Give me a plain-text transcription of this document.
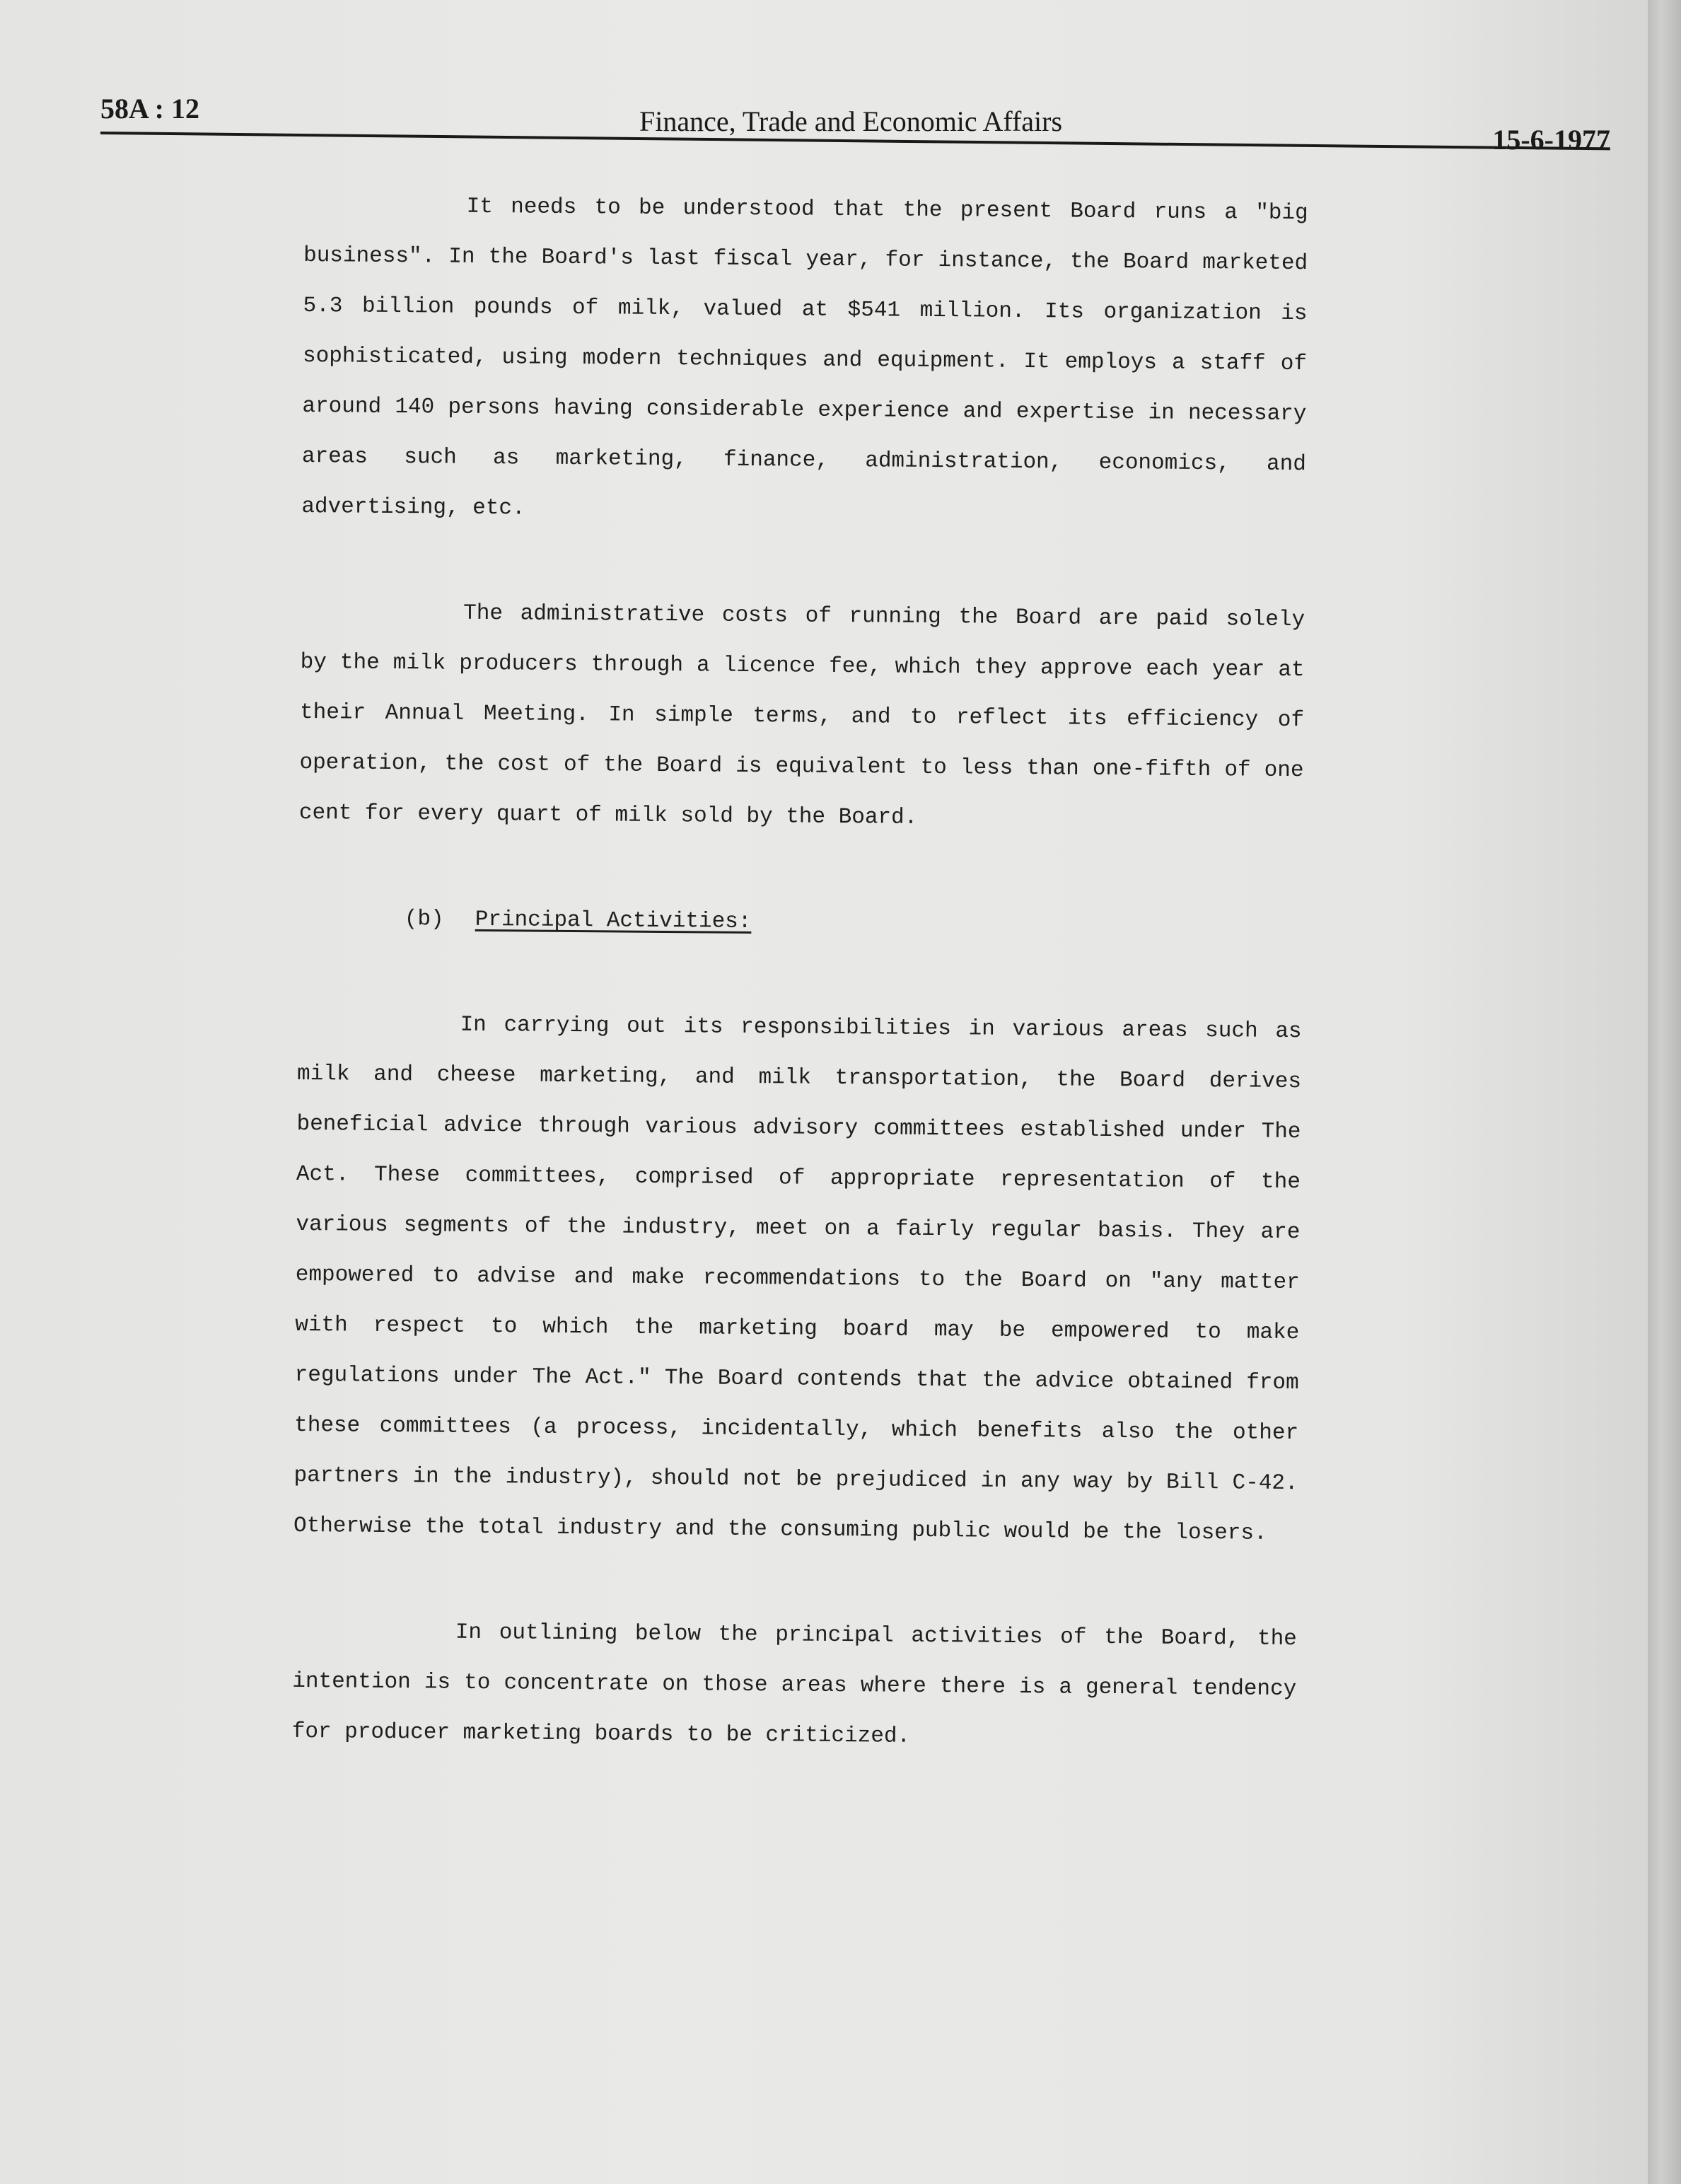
58A : 12	Finance, Trade and Economic Affairs
15-6-1977

It needs to be understood that the present Board runs a "big business". In the Board's last fiscal year, for instance, the Board marketed 5.3 billion pounds of milk, valued at $541 million. Its organization is sophisticated, using modern techniques and equipment. It employs a staff of around 140 persons having considerable experience and expertise in necessary areas such as marketing, finance, administration, economics, and advertising, etc.

The administrative costs of running the Board are paid solely by the milk producers through a licence fee, which they approve each year at their Annual Meeting. In simple terms, and to reflect its efficiency of operation, the cost of the Board is equivalent to less than one-fifth of one cent for every quart of milk sold by the Board.

(b) Principal Activities:

In carrying out its responsibilities in various areas such as milk and cheese marketing, and milk transportation, the Board derives beneficial advice through various advisory committees established under The Act. These committees, comprised of appropriate representation of the various segments of the industry, meet on a fairly regular basis. They are empowered to advise and make recommendations to the Board on "any matter with respect to which the marketing board may be empowered to make regulations under The Act." The Board contends that the advice obtained from these committees (a process, incidentally, which benefits also the other partners in the industry), should not be prejudiced in any way by Bill C-42. Otherwise the total industry and the consuming public would be the losers.

In outlining below the principal activities of the Board, the intention is to concentrate on those areas where there is a general tendency for producer marketing boards to be criticized.
